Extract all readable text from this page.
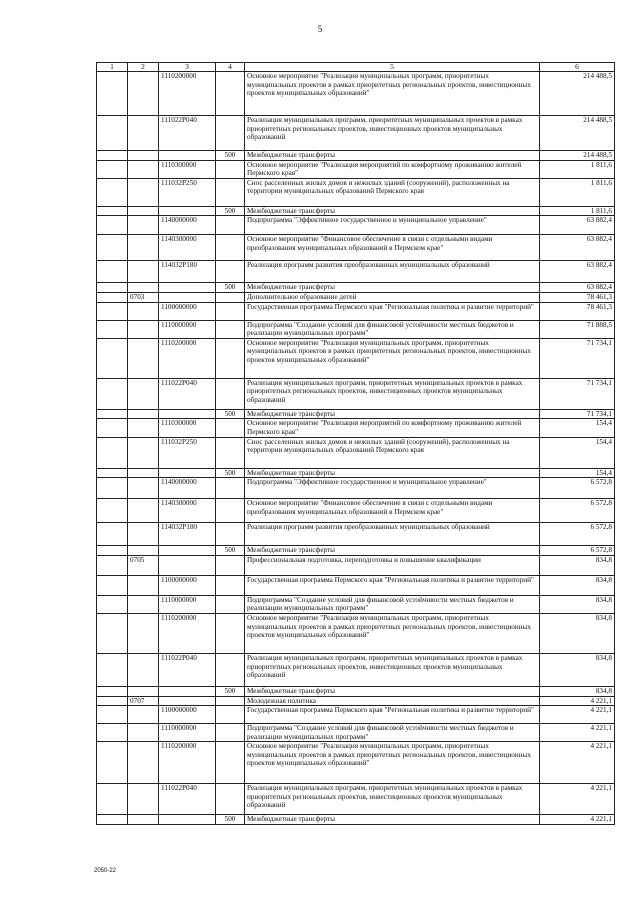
5
1	2	3	4	5	6
		1110200000		Основное мероприятие "Реализация муниципальных программ, приоритетных муниципальных проектов в рамках приоритетных региональных проектов, инвестиционных проектов муниципальных образований"	214 488,5
		111022P040		Реализация муниципальных программ, приоритетных муниципальных проектов в рамках приоритетных региональных проектов, инвестиционных проектов муниципальных образований	214 488,5
			500	Межбюджетные трансферты	214 488,5
		1110300000		Основное мероприятие "Реализация мероприятий по комфортному проживанию жителей Пермского края"	1 811,6
		111032P250		Снос расселенных жилых домов и нежилых зданий (сооружений), расположенных на территории муниципальных образований Пермского края	1 811,6
			500	Межбюджетные трансферты	1 811,6
		1140000000		Подпрограмма "Эффективное государственное и муниципальное управление"	63 882,4
		1140300000		Основное мероприятие "Финансовое обеспечение в связи с отдельными видами преобразования муниципальных образований в Пермском крае"	63 882,4
		114032P180		Реализация программ развития преобразованных муниципальных образований	63 882,4
			500	Межбюджетные трансферты	63 882,4
	0703			Дополнительное образование детей	78 461,3
		1100000000		Государственная программа Пермского края "Региональная политика и развитие территорий"	78 461,3
		1110000000		Подпрограмма "Создание условий для финансовой устойчивости местных бюджетов и реализации муниципальных программ"	71 888,5
		1110200000		Основное мероприятие "Реализация муниципальных программ, приоритетных муниципальных проектов в рамках приоритетных региональных проектов, инвестиционных проектов муниципальных образований"	71 734,1
		111022P040		Реализация муниципальных программ, приоритетных муниципальных проектов в рамках приоритетных региональных проектов, инвестиционных проектов муниципальных образований	71 734,1
			500	Межбюджетные трансферты	71 734,1
		1110300000		Основное мероприятие "Реализация мероприятий по комфортному проживанию жителей Пермского края"	154,4
		111032P250		Снос расселенных жилых домов и нежилых зданий (сооружений), расположенных на территории муниципальных образований Пермского края	154,4
			500	Межбюджетные трансферты	154,4
		1140000000		Подпрограмма "Эффективное государственное и муниципальное управление"	6 572,8
		1140300000		Основное мероприятие "Финансовое обеспечение в связи с отдельными видами преобразования муниципальных образований в Пермском крае"	6 572,8
		114032P180		Реализация программ развития преобразованных муниципальных образований	6 572,8
			500	Межбюджетные трансферты	6 572,8
	0705			Профессиональная подготовка, переподготовка и повышение квалификации	834,8
		1100000000		Государственная программа Пермского края "Региональная политика и развитие территорий"	834,8
		1110000000		Подпрограмма "Создание условий для финансовой устойчивости местных бюджетов и реализации муниципальных программ"	834,8
		1110200000		Основное мероприятие "Реализация муниципальных программ, приоритетных муниципальных проектов в рамках приоритетных региональных проектов, инвестиционных проектов муниципальных образований"	834,8
		111022P040		Реализация муниципальных программ, приоритетных муниципальных проектов в рамках приоритетных региональных проектов, инвестиционных проектов муниципальных образований	834,8
			500	Межбюджетные трансферты	834,8
	0707			Молодежная политика	4 221,1
		1100000000		Государственная программа Пермского края "Региональная политика и развитие территорий"	4 221,1
		1110000000		Подпрограмма "Создание условий для финансовой устойчивости местных бюджетов и реализации муниципальных программ"	4 221,1
		1110200000		Основное мероприятие "Реализация муниципальных программ, приоритетных муниципальных проектов в рамках приоритетных региональных проектов, инвестиционных проектов муниципальных образований"	4 221,1
		111022P040		Реализация муниципальных программ, приоритетных муниципальных проектов в рамках приоритетных региональных проектов, инвестиционных проектов муниципальных образований	4 221,1
			500	Межбюджетные трансферты	4 221,1
2050-22
